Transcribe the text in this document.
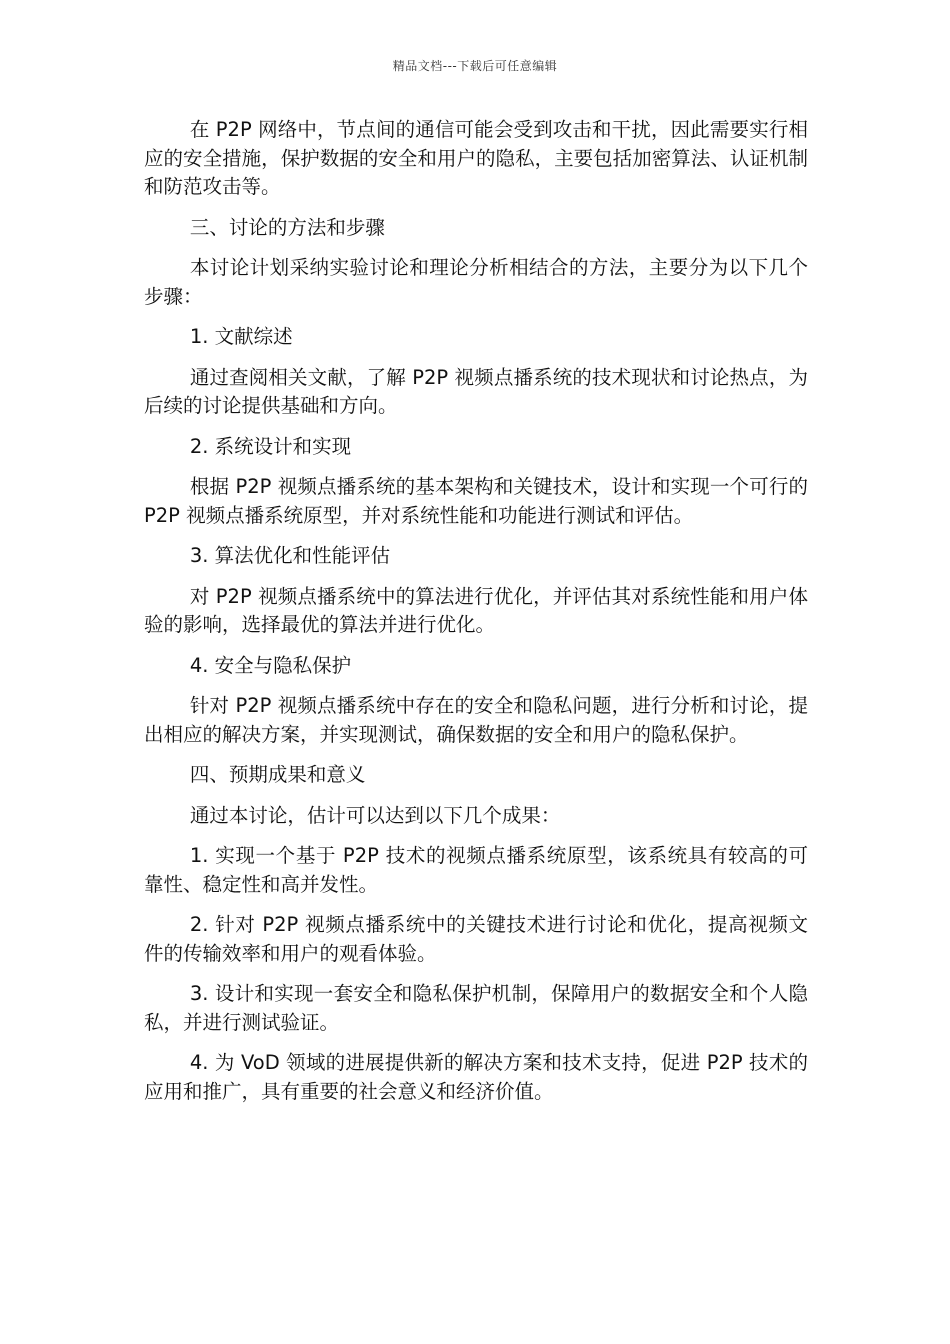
精品文档---下载后可任意编辑

在 P2P 网络中，节点间的通信可能会受到攻击和干扰，因此需要实行相应的安全措施，保护数据的安全和用户的隐私，主要包括加密算法、认证机制和防范攻击等。

三、讨论的方法和步骤

本讨论计划采纳实验讨论和理论分析相结合的方法，主要分为以下几个步骤：

1. 文献综述

通过查阅相关文献，了解 P2P 视频点播系统的技术现状和讨论热点，为后续的讨论提供基础和方向。

2. 系统设计和实现

根据 P2P 视频点播系统的基本架构和关键技术，设计和实现一个可行的 P2P 视频点播系统原型，并对系统性能和功能进行测试和评估。

3. 算法优化和性能评估

对 P2P 视频点播系统中的算法进行优化，并评估其对系统性能和用户体验的影响，选择最优的算法并进行优化。

4. 安全与隐私保护

针对 P2P 视频点播系统中存在的安全和隐私问题，进行分析和讨论，提出相应的解决方案，并实现测试，确保数据的安全和用户的隐私保护。

四、预期成果和意义

通过本讨论，估计可以达到以下几个成果：

1. 实现一个基于 P2P 技术的视频点播系统原型，该系统具有较高的可靠性、稳定性和高并发性。

2. 针对 P2P 视频点播系统中的关键技术进行讨论和优化，提高视频文件的传输效率和用户的观看体验。

3. 设计和实现一套安全和隐私保护机制，保障用户的数据安全和个人隐私，并进行测试验证。

4. 为 VoD 领域的进展提供新的解决方案和技术支持，促进 P2P 技术的应用和推广，具有重要的社会意义和经济价值。
